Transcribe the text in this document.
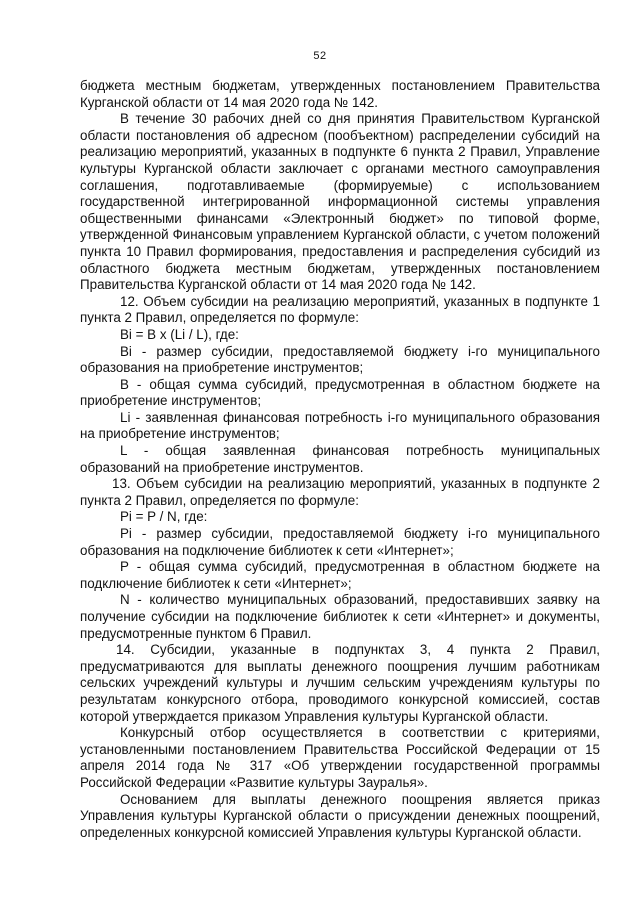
52

бюджета местным бюджетам, утвержденных постановлением Правительства Курганской области от 14 мая 2020 года № 142.

В течение 30 рабочих дней со дня принятия Правительством Курганской области постановления об адресном (пообъектном) распределении субсидий на реализацию мероприятий, указанных в подпункте 6 пункта 2 Правил, Управление культуры Курганской области заключает с органами местного самоуправления соглашения, подготавливаемые (формируемые) с использованием государственной интегрированной информационной системы управления общественными финансами «Электронный бюджет» по типовой форме, утвержденной Финансовым управлением Курганской области, с учетом положений пункта 10 Правил формирования, предоставления и распределения субсидий из областного бюджета местным бюджетам, утвержденных постановлением Правительства Курганской области от 14 мая 2020 года № 142.

12. Объем субсидии на реализацию мероприятий, указанных в подпункте 1 пункта 2 Правил, определяется по формуле:

Bi = B x (Li / L), где:

Bi - размер субсидии, предоставляемой бюджету i-го муниципального образования на приобретение инструментов;

B - общая сумма субсидий, предусмотренная в областном бюджете на приобретение инструментов;

Li - заявленная финансовая потребность i-го муниципального образования на приобретение инструментов;

L - общая заявленная финансовая потребность муниципальных образований на приобретение инструментов.

13. Объем субсидии на реализацию мероприятий, указанных в подпункте 2 пункта 2 Правил, определяется по формуле:

Pi = P / N, где:

Pi - размер субсидии, предоставляемой бюджету i-го муниципального образования на подключение библиотек к сети «Интернет»;

P - общая сумма субсидий, предусмотренная в областном бюджете на подключение библиотек к сети «Интернет»;

N - количество муниципальных образований, предоставивших заявку на получение субсидии на подключение библиотек к сети «Интернет» и документы, предусмотренные пунктом 6 Правил.

14. Субсидии, указанные в подпунктах 3, 4 пункта 2 Правил, предусматриваются для выплаты денежного поощрения лучшим работникам сельских учреждений культуры и лучшим сельским учреждениям культуры по результатам конкурсного отбора, проводимого конкурсной комиссией, состав которой утверждается приказом Управления культуры Курганской области.

Конкурсный отбор осуществляется в соответствии с критериями, установленными постановлением Правительства Российской Федерации от 15 апреля 2014 года № 317 «Об утверждении государственной программы Российской Федерации «Развитие культуры Зауралья».

Основанием для выплаты денежного поощрения является приказ Управления культуры Курганской области о присуждении денежных поощрений, определенных конкурсной комиссией Управления культуры Курганской области.
